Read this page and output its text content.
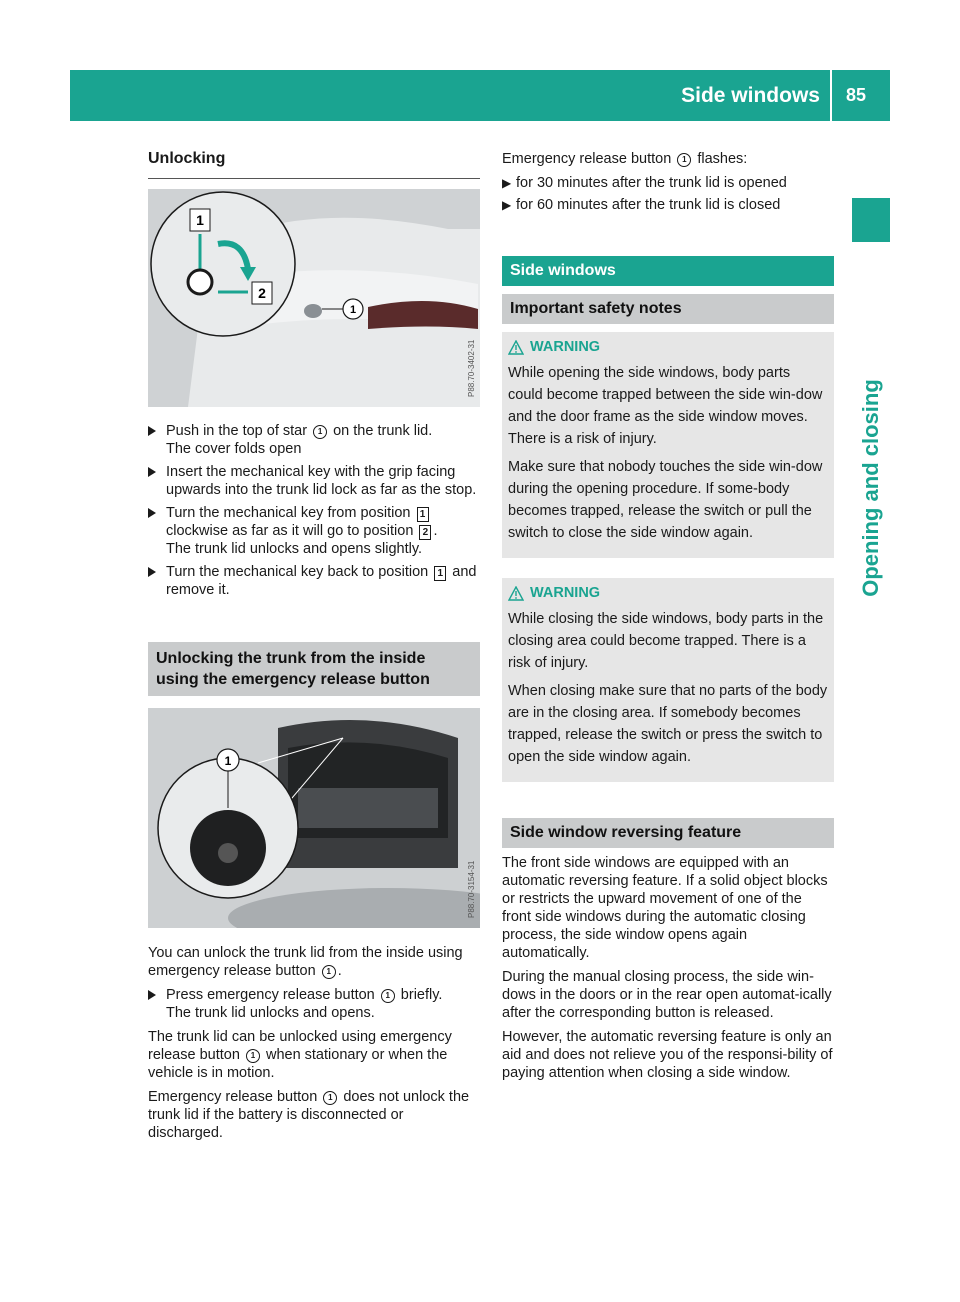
Side windows	85
Opening and closing
Unlocking
1
1
2
P88.70-3402-31
Push in the top of star 1 on the trunk lid.
The cover folds open
Insert the mechanical key with the grip facing upwards into the trunk lid lock as far as the stop.
Turn the mechanical key from position 1 clockwise as far as it will go to position 2 .
The trunk lid unlocks and opens slightly.
Turn the mechanical key back to position 1 and remove it.
Unlocking the trunk from the inside
using the emergency release button
1
P88.70-3154-31
You can unlock the trunk lid from the inside using emergency release button 1 .
Press emergency release button 1 briefly.
The trunk lid unlocks and opens.
The trunk lid can be unlocked using emergency release button 1 when stationary or when the vehicle is in motion.
Emergency release button 1 does not unlock the trunk lid if the battery is disconnected or discharged.
Emergency release button 1 flashes:
▶ for 30 minutes after the trunk lid is opened
▶ for 60 minutes after the trunk lid is closed
Side windows
Important safety notes
WARNING

While opening the side windows, body parts could become trapped between the side win-dow and the door frame as the side window moves. There is a risk of injury.

Make sure that nobody touches the side win-dow during the opening procedure. If some-body becomes trapped, release the switch or pull the switch to close the side window again.

WARNING

While closing the side windows, body parts in the closing area could become trapped. There is a risk of injury.

When closing make sure that no parts of the body are in the closing area. If somebody becomes trapped, release the switch or press the switch to open the side window again.

Side window reversing feature
The front side windows are equipped with an automatic reversing feature. If a solid object blocks or restricts the upward movement of one of the front side windows during the automatic closing process, the side window opens again automatically.
During the manual closing process, the side win-dows in the doors or in the rear open automat-ically after the corresponding button is released.
However, the automatic reversing feature is only an aid and does not relieve you of the responsi-bility of paying attention when closing a side window.
